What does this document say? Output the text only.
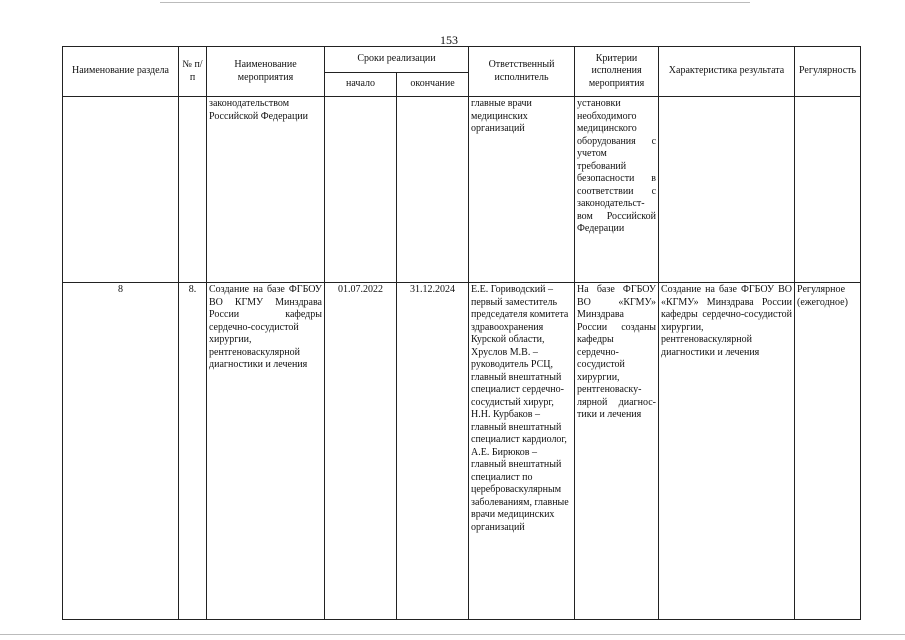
153
Наименование раздела	№ п/п	Наименование мероприятия	Сроки реализации		Ответственный исполнитель	Критерии исполнения мероприятия	Характеристика результата	Регулярность
			начало	окончание				
		законодательством Российской Федерации			главные врачи медицинских организаций	установки необходимого медицинского оборудования с учетом требований безопасности в соответствии с законодательст-вом Российской Федерации		
8	8.	Создание на базе ФГБОУ ВО КГМУ Минздрава России кафедры сердечно-сосудистой хирургии, рентгеноваскулярной диагностики и лечения	01.07.2022	31.12.2024	Е.Е. Гориводский – первый заместитель председателя комитета здравоохранения Курской области, Хруслов М.В. – руководитель РСЦ, главный внештатный специалист сердечно-сосудистый хирург, Н.Н. Курбаков – главный внештатный специалист кардиолог, А.Е. Бирюков – главный внештатный специалист по цереброваскулярным заболеваниям, главные врачи медицинских организаций	На базе ФГБОУ ВО «КГМУ» Минздрава России созданы кафедры сердечно-сосудистой хирургии, рентгеноваску-лярной диагнос-тики и лечения	Создание на базе ФГБОУ ВО «КГМУ» Минздрава России кафедры сердечно-сосудистой хирургии, рентгеноваскулярной диагностики и лечения	Регулярное (ежегодное)
